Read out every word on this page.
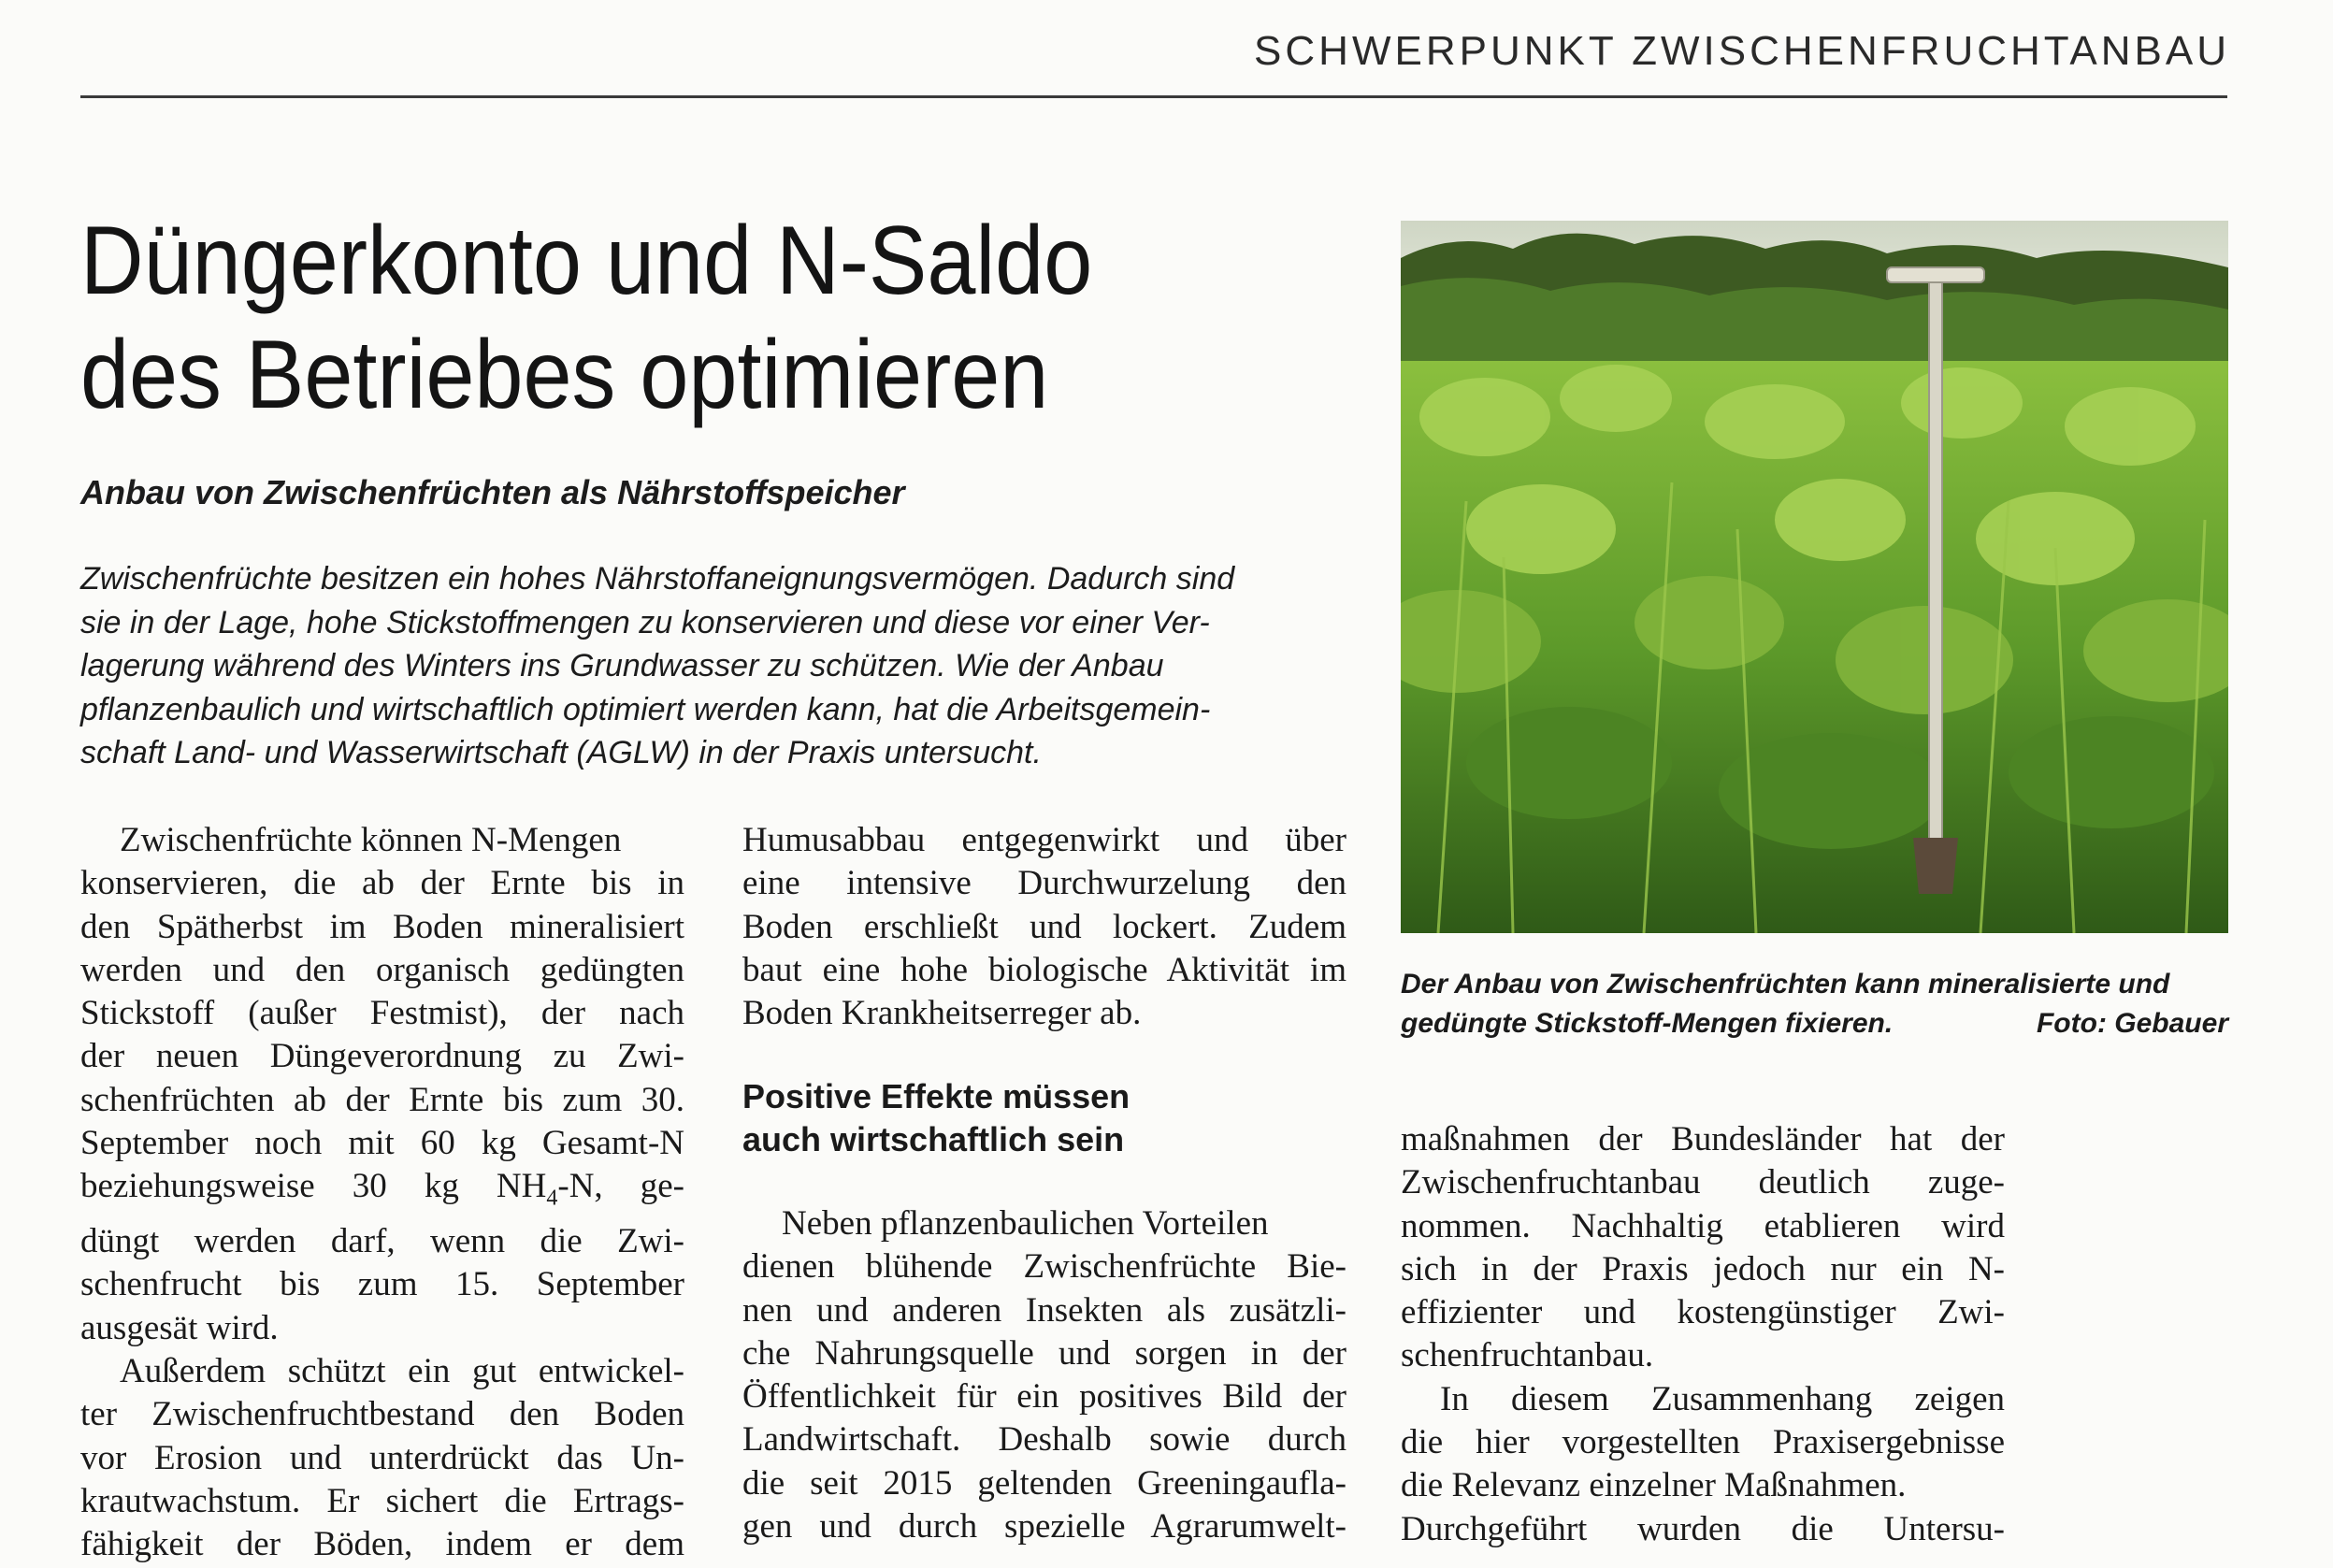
SCHWERPUNKT ZWISCHENFRUCHTANBAU
Düngerkonto und N-Saldo
des Betriebes optimieren

Anbau von Zwischenfrüchten als Nährstoffspeicher

Zwischenfrüchte besitzen ein hohes Nährstoffaneignungsvermögen. Dadurch sind
sie in der Lage, hohe Stickstoffmengen zu konservieren und diese vor einer Ver-
lagerung während des Winters ins Grundwasser zu schützen. Wie der Anbau
pflanzenbaulich und wirtschaftlich optimiert werden kann, hat die Arbeitsgemein-
schaft Land- und Wasserwirtschaft (AGLW) in der Praxis untersucht.

Zwischenfrüchte können N-Mengen
konservieren, die ab der Ernte bis in
den Spätherbst im Boden mineralisiert
werden und den organisch gedüngten
Stickstoff (außer Festmist), der nach
der neuen Düngeverordnung zu Zwi-
schenfrüchten ab der Ernte bis zum 30.
September noch mit 60 kg Gesamt-N
beziehungsweise 30 kg $NH_4-N$, ge-
düngt werden darf, wenn die Zwi-
schenfrucht bis zum 15. September
ausgesät wird.
Außerdem schützt ein gut entwickel-
ter Zwischenfruchtbestand den Boden
vor Erosion und unterdrückt das Un-
krautwachstum. Er sichert die Ertrags-
fähigkeit der Böden, indem er dem
Humusabbau entgegenwirkt und über
eine intensive Durchwurzelung den
Boden erschließt und lockert. Zudem
baut eine hohe biologische Aktivität im
Boden Krankheitserreger ab.
Positive Effekte müssen
auch wirtschaftlich sein
Neben pflanzenbaulichen Vorteilen
dienen blühende Zwischenfrüchte Bie-
nen und anderen Insekten als zusätzli-
che Nahrungsquelle und sorgen in der
Öffentlichkeit für ein positives Bild der
Landwirtschaft. Deshalb sowie durch
die seit 2015 geltenden Greeningaufla-
gen und durch spezielle Agrarumwelt-

Der Anbau von Zwischenfrüchten kann mineralisierte und
gedüngte Stickstoff-Mengen fixieren.	Foto: Gebauer

maßnahmen der Bundesländer hat der
Zwischenfruchtanbau deutlich zuge-
nommen. Nachhaltig etablieren wird
sich in der Praxis jedoch nur ein N-
effizienter und kostengünstiger Zwi-
schenfruchtanbau.
In diesem Zusammenhang zeigen
die hier vorgestellten Praxisergebnisse
die Relevanz einzelner Maßnahmen.
Durchgeführt wurden die Untersu-
